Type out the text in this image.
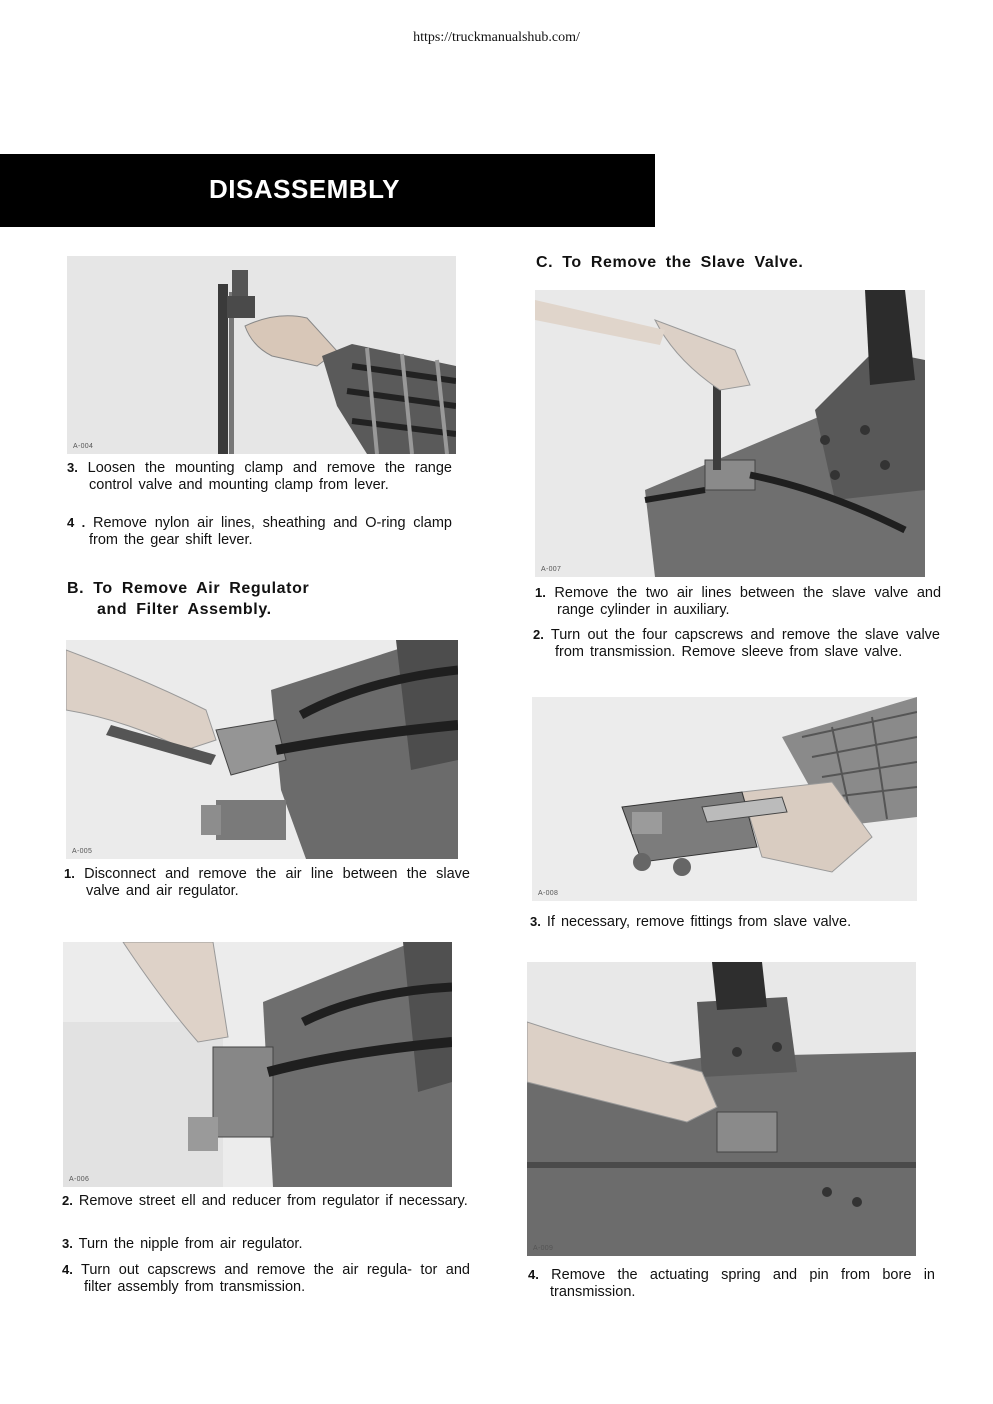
https://truckmanualshub.com/
DISASSEMBLY
A-004
3. Loosen the mounting clamp and remove the range control valve and mounting clamp from lever.
4 . Remove nylon air lines, sheathing and O-ring clamp from the gear shift lever.
B. To Remove Air Regulator
and Filter Assembly.
A-005
1. Disconnect and remove the air line between the slave valve and air regulator.
A-006
2. Remove street ell and reducer from regulator if necessary.
3. Turn the nipple from air regulator.
4. Turn out capscrews and remove the air regula- tor and filter assembly from transmission.
C. To Remove the Slave Valve.
A-007
1. Remove the two air lines between the slave valve and range cylinder in auxiliary.
2. Turn out the four capscrews and remove the slave valve from transmission. Remove sleeve from slave valve.
A-008
3. If necessary, remove fittings from slave valve.
A-009
4. Remove the actuating spring and pin from bore in transmission.
